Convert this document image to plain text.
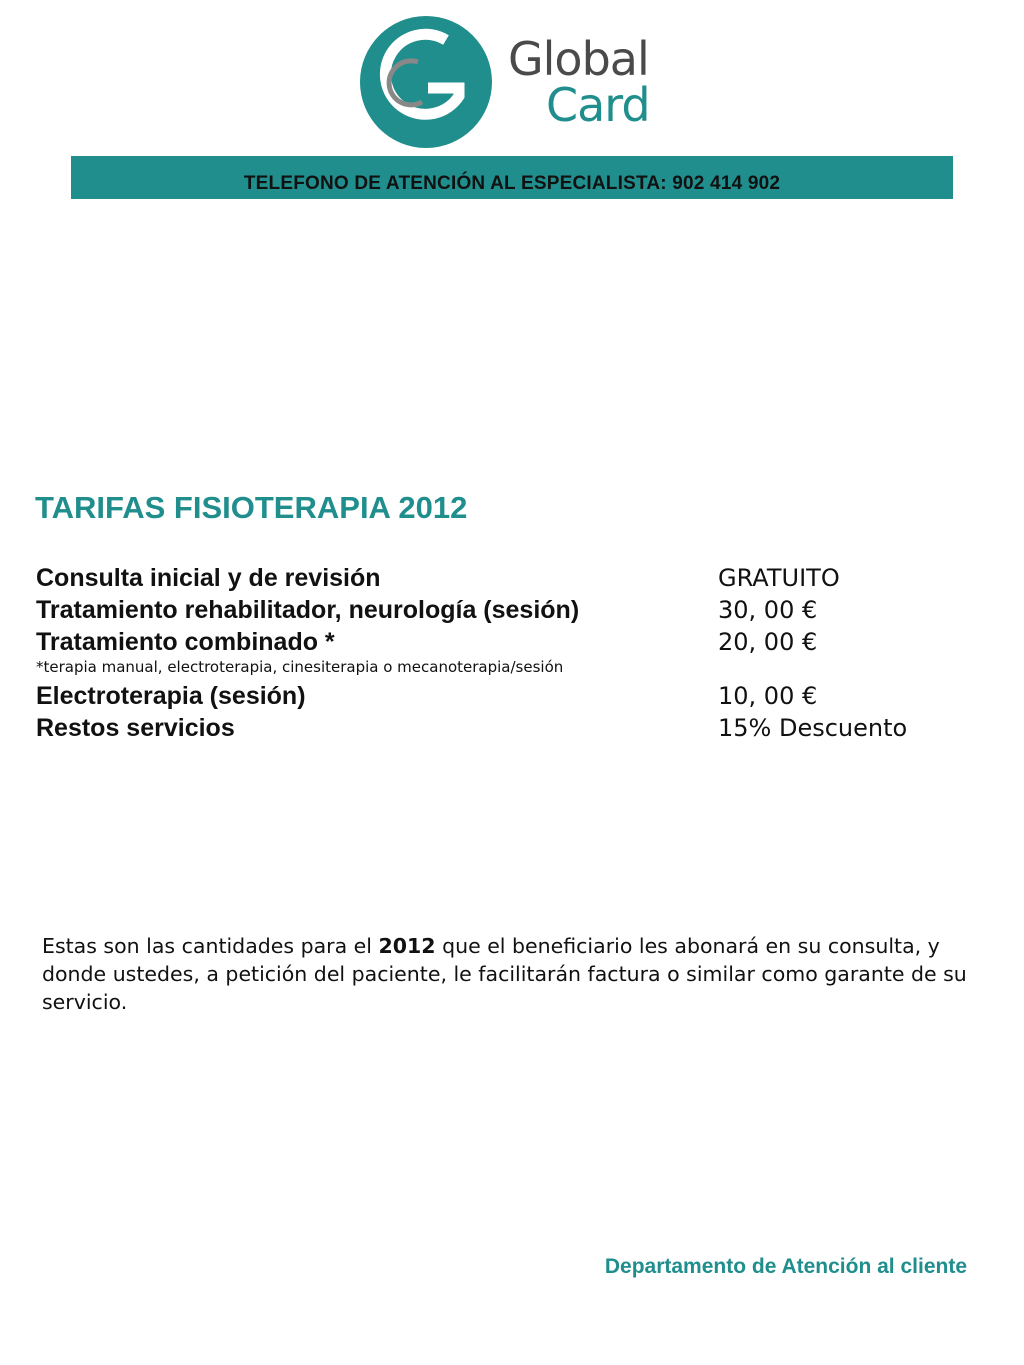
Global
Card
TELEFONO DE ATENCIÓN AL ESPECIALISTA: 902 414 902
TARIFAS FISIOTERAPIA 2012
Consulta inicial y de revisión	GRATUITO
Tratamiento rehabilitador, neurología (sesión)	30, 00 €
Tratamiento combinado *	20, 00 €
*terapia manual, electroterapia, cinesiterapia o mecanoterapia/sesión
Electroterapia (sesión)	10, 00 €
Restos servicios	15% Descuento

Estas son las cantidades para el 2012 que el beneficiario les abonará en su consulta, y donde ustedes, a petición del paciente, le facilitarán factura o similar como garante de su servicio.

Departamento de Atención al cliente
